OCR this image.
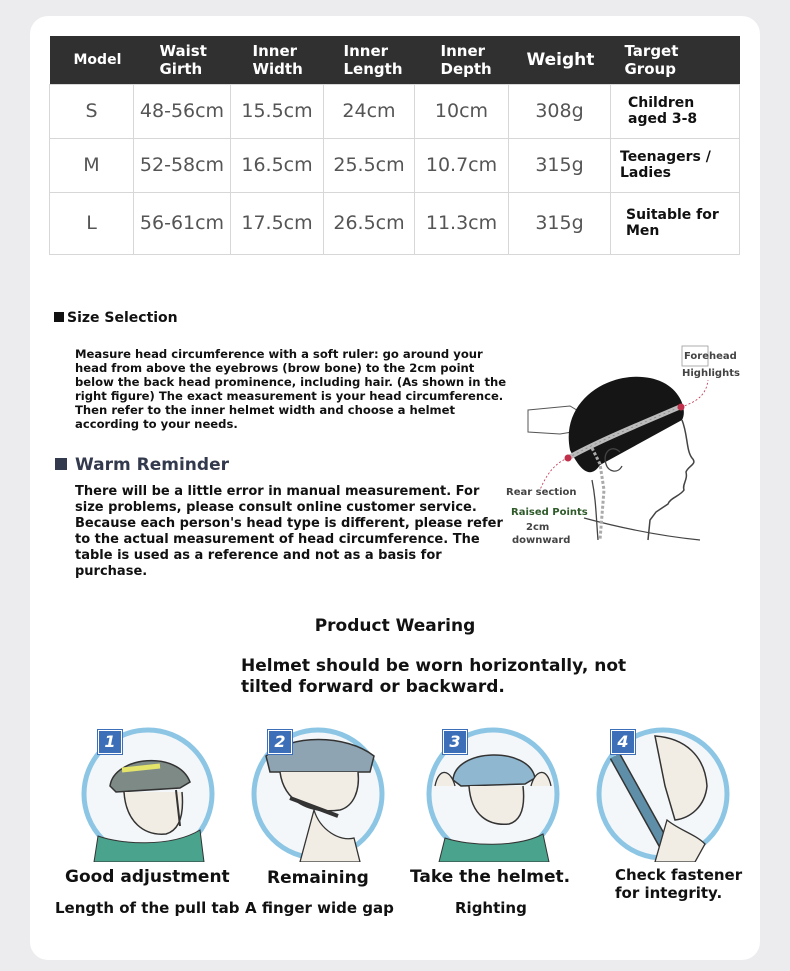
Model	Waist Girth	Inner Width	Inner Length	Inner Depth	Weight	Target Group
S	48-56cm	15.5cm	24cm	10cm	308g	Children aged 3-8
M	52-58cm	16.5cm	25.5cm	10.7cm	315g	Teenagers / Ladies
L	56-61cm	17.5cm	26.5cm	11.3cm	315g	Suitable for Men
Size Selection
Measure head circumference with a soft ruler: go around your head from above the eyebrows (brow bone) to the 2cm point below the back head prominence, including hair. (As shown in the right figure) The exact measurement is your head circumference. Then refer to the inner helmet width and choose a helmet according to your needs.
Warm Reminder
There will be a little error in manual measurement. For size problems, please consult online customer service. Because each person's head type is different, please refer to the actual measurement of head circumference. The table is used as a reference and not as a basis for purchase.
Forehead
Highlights
Rear section
Raised Points
2cm
downward
Product Wearing
Helmet should be worn horizontally, not tilted forward or backward.
1
Good adjustment
Length of the pull tab
2
Remaining
A finger wide gap
3
Take the helmet.
Righting
4
Check fastener for integrity.
